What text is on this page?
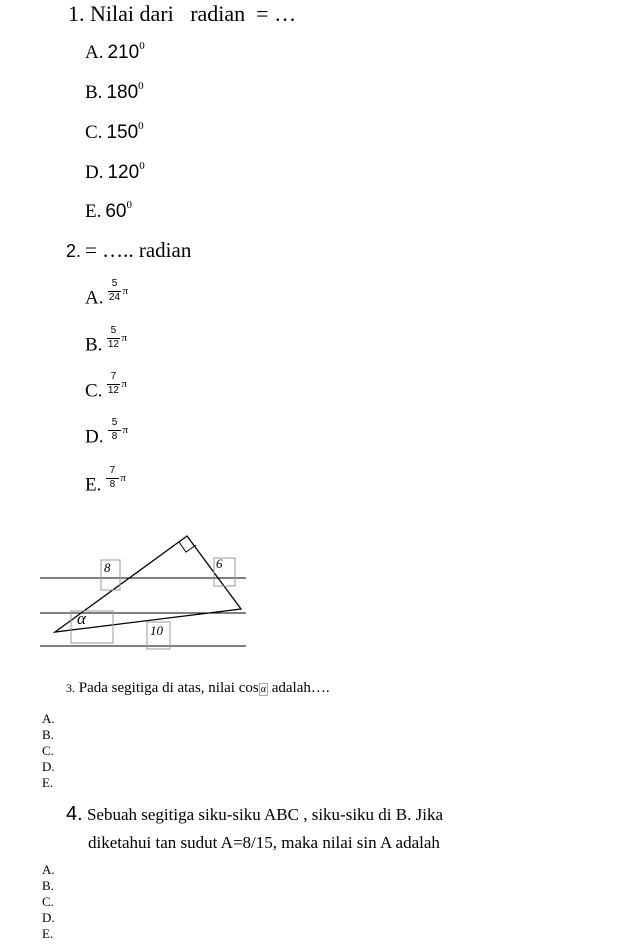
1. Nilai dari   radian  = …
A. $210^0$
B. $180^0$
C. $150^0$
D. $120^0$
E. $60^0$
2. = ….. radian
A.
5
24
π
B.
5
12
π
C.
7
12
π
D.
5
8
π
E.
7
8
π
8	6
α
10
3. Pada segitiga di atas, nilai cos α adalah….
A.
B.
C.
D.
E.
4. Sebuah segitiga siku-siku ABC , siku-siku di B. Jika
diketahui tan sudut A=8/15, maka nilai sin A adalah
A.
B.
C.
D.
E.
